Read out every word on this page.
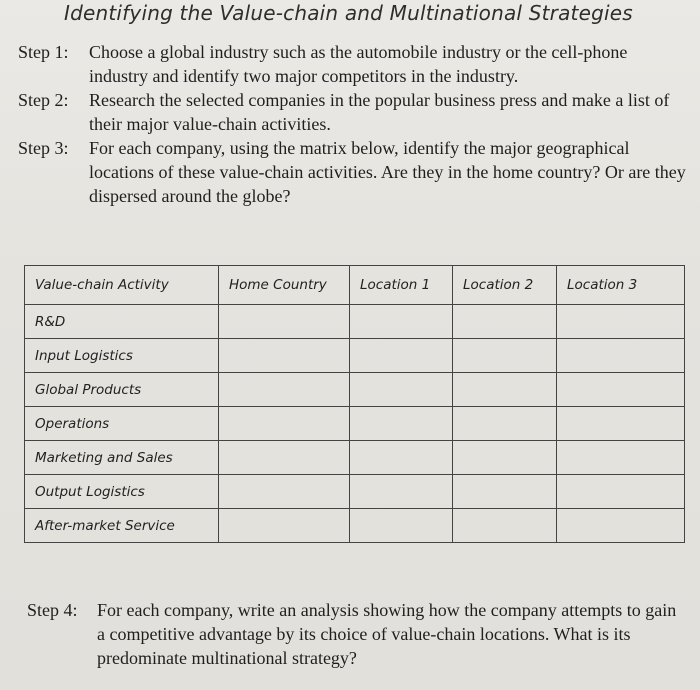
Identifying the Value-chain and Multinational Strategies
Step 1:	Choose a global industry such as the automobile industry or the cell-phone industry and identify two major competitors in the industry.
Step 2:	Research the selected companies in the popular business press and make a list of their major value-chain activities.
Step 3:	For each company, using the matrix below, identify the major geographical locations of these value-chain activities. Are they in the home country? Or are they dispersed around the globe?
Value-chain Activity	Home Country	Location 1	Location 2	Location 3
R&D				
Input Logistics				
Global Products				
Operations				
Marketing and Sales				
Output Logistics				
After-market Service				
Step 4:	For each company, write an analysis showing how the company attempts to gain a competitive advantage by its choice of value-chain locations. What is its predominate multinational strategy?
